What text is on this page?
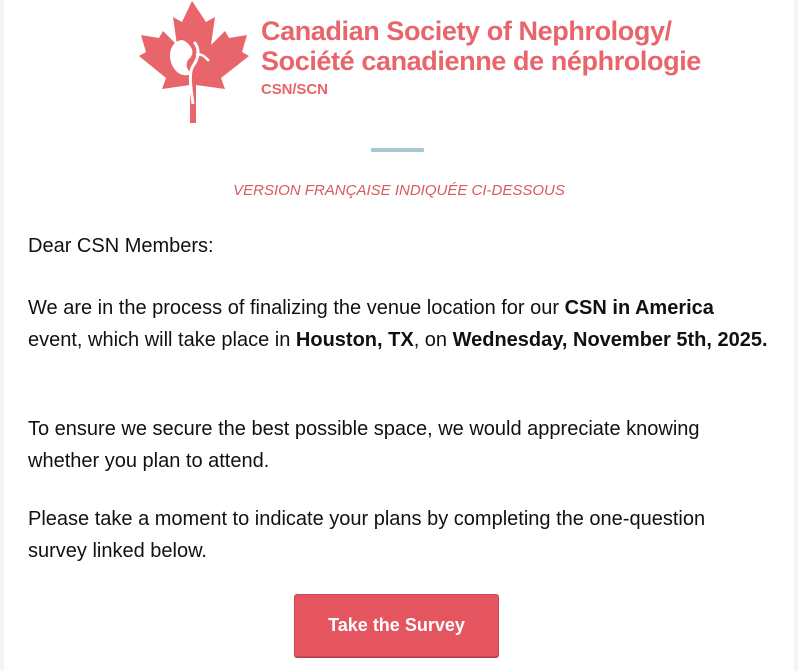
Canadian Society of Nephrology/
Société canadienne de néphrologie
CSN/SCN
VERSION FRANÇAISE INDIQUÉE CI-DESSOUS
Dear CSN Members:
We are in the process of finalizing the venue location for our CSN in America event, which will take place in Houston, TX, on Wednesday, November 5th, 2025.
To ensure we secure the best possible space, we would appreciate knowing whether you plan to attend.
Please take a moment to indicate your plans by completing the one-question survey linked below.
Take the Survey
